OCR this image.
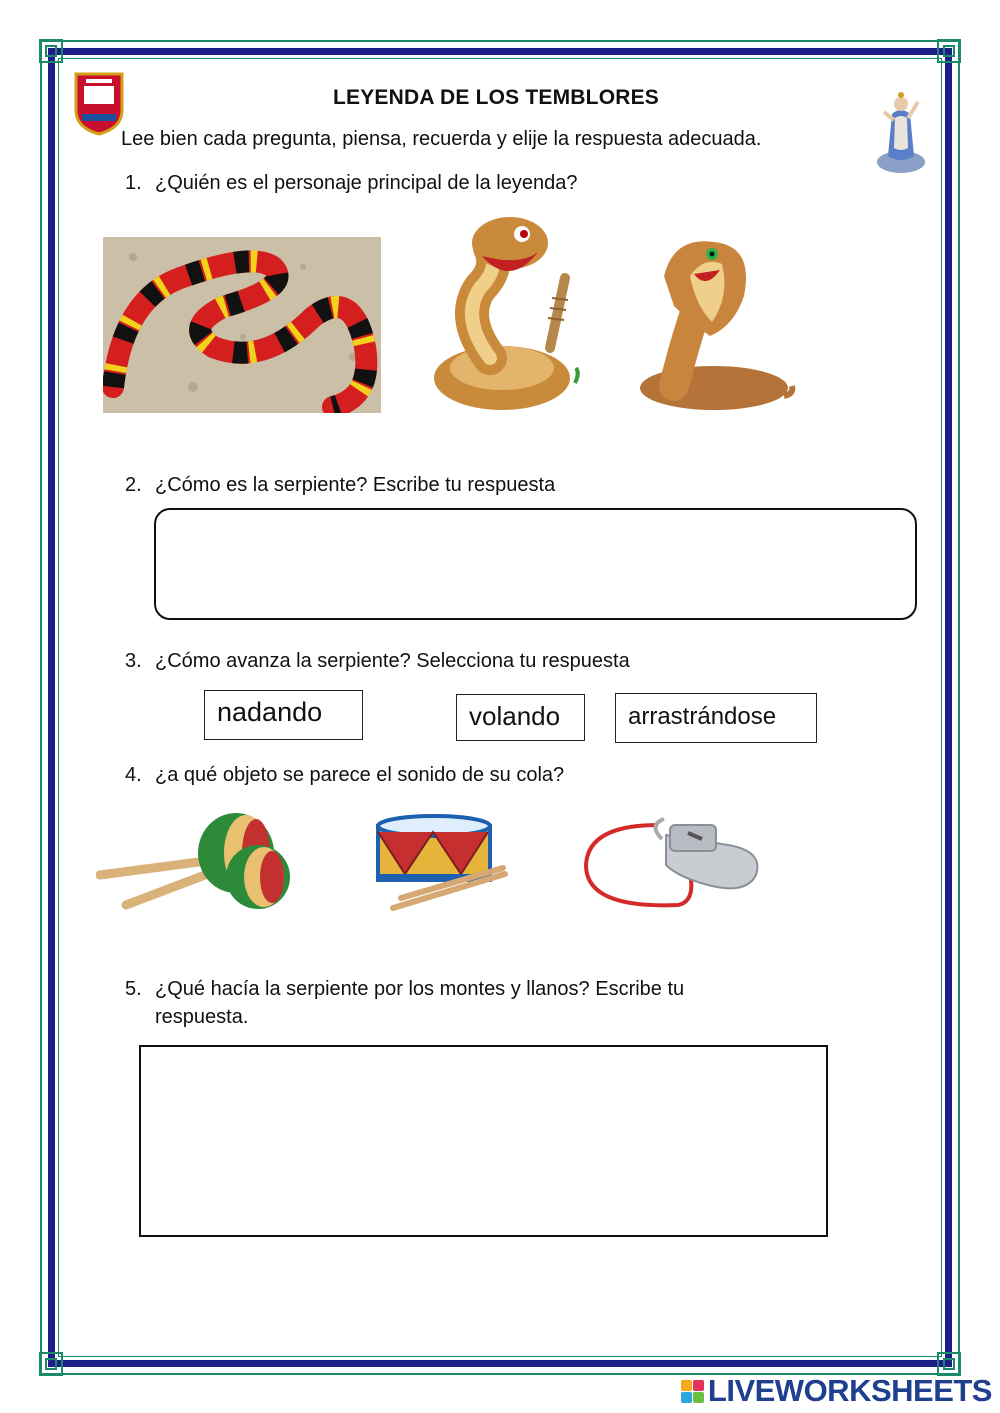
LEYENDA DE LOS TEMBLORES
Lee bien cada pregunta, piensa, recuerda y elije la respuesta adecuada.
1. ¿Quién es el personaje principal de la leyenda?
2. ¿Cómo es la serpiente? Escribe tu respuesta
3. ¿Cómo avanza la serpiente? Selecciona tu respuesta
nadando	volando	arrastrándose
4. ¿a qué objeto se parece el sonido de su cola?
5. ¿Qué hacía la serpiente por los montes y llanos? Escribe tu
respuesta.
LIVEWORKSHEETS
